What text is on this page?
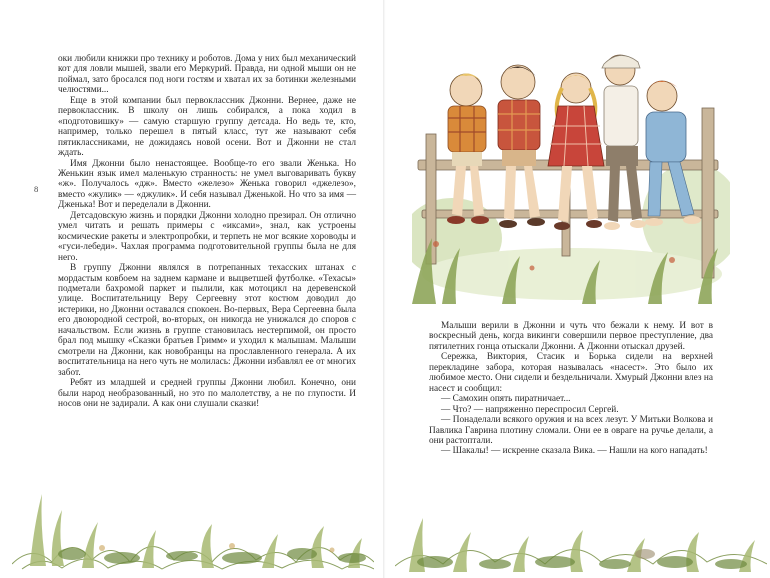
8

оки любили книжки про технику и роботов. Дома у них был механический кот для ловли мышей, звали его Меркурий. Правда, ни одной мыши он не поймал, зато бросался под ноги гостям и хватал их за ботинки железными челюстями...

Еще в этой компании был первоклассник Джонни. Вернее, даже не первоклассник. В школу он лишь собирался, а пока ходил в «подготовишку» — самую старшую группу детсада. Но ведь те, кто, например, только перешел в пятый класс, тут же называют себя пятиклассниками, не дожидаясь новой осени. Вот и Джонни не стал ждать.

Имя Джонни было ненастоящее. Вообще-то его звали Женька. Но Женькин язык имел маленькую странность: не умел выговаривать букву «ж». Получалось «дж». Вместо «железо» Женька говорил «джелезо», вместо «жулик» — «джулик». И себя называл Дженькой. Но что за имя — Дженька! Вот и переделали в Джонни.

Детсадовскую жизнь и порядки Джонни холодно презирал. Он отлично умел читать и решать примеры с «иксами», знал, как устроены космические ракеты и электропробки, и терпеть не мог всякие хороводы и «гуси-лебеди». Чахлая программа подготовительной группы была не для него.

В группу Джонни являлся в потрепанных техасских штанах с мордастым ковбоем на заднем кармане и выцветшей футболке. «Техасы» подметали бахромой паркет и пылили, как мотоцикл на деревенской улице. Воспитательницу Веру Сергеевну этот костюм доводил до истерики, но Джонни оставался спокоен. Во-первых, Вера Сергеевна была его двоюродной сестрой, во-вторых, он никогда не унижался до споров с начальством. Если жизнь в группе становилась нестерпимой, он просто брал под мышку «Сказки братьев Гримм» и уходил к малышам. Малыши смотрели на Джонни, как новобранцы на прославленного генерала. А их воспитательница на него чуть не молилась: Джонни избавлял ее от многих забот.

Ребят из младшей и средней группы Джонни любил. Конечно, они были народ необразованный, но это по малолетству, а не по глупости. И носов они не задирали. А как они слушали сказки!

Малыши верили в Джонни и чуть что бежали к нему. И вот в воскресный день, когда викинги совершили первое преступление, два пятилетних гонца отыскали Джонни. А Джонни отыскал друзей.

Сережка, Виктория, Стасик и Борька сидели на верхней перекладине забора, которая называлась «насест». Это было их любимое место. Они сидели и бездельничали. Хмурый Джонни влез на насест и сообщил:

— Самохин опять пиратничает...

— Что? — напряженно переспросил Сергей.

— Понаделали всякого оружия и на всех лезут. У Митьки Волкова и Павлика Гаврина плотину сломали. Они ее в овраге на ручье делали, а они растоптали.

— Шакалы! — искренне сказала Вика. — Нашли на кого нападать!
